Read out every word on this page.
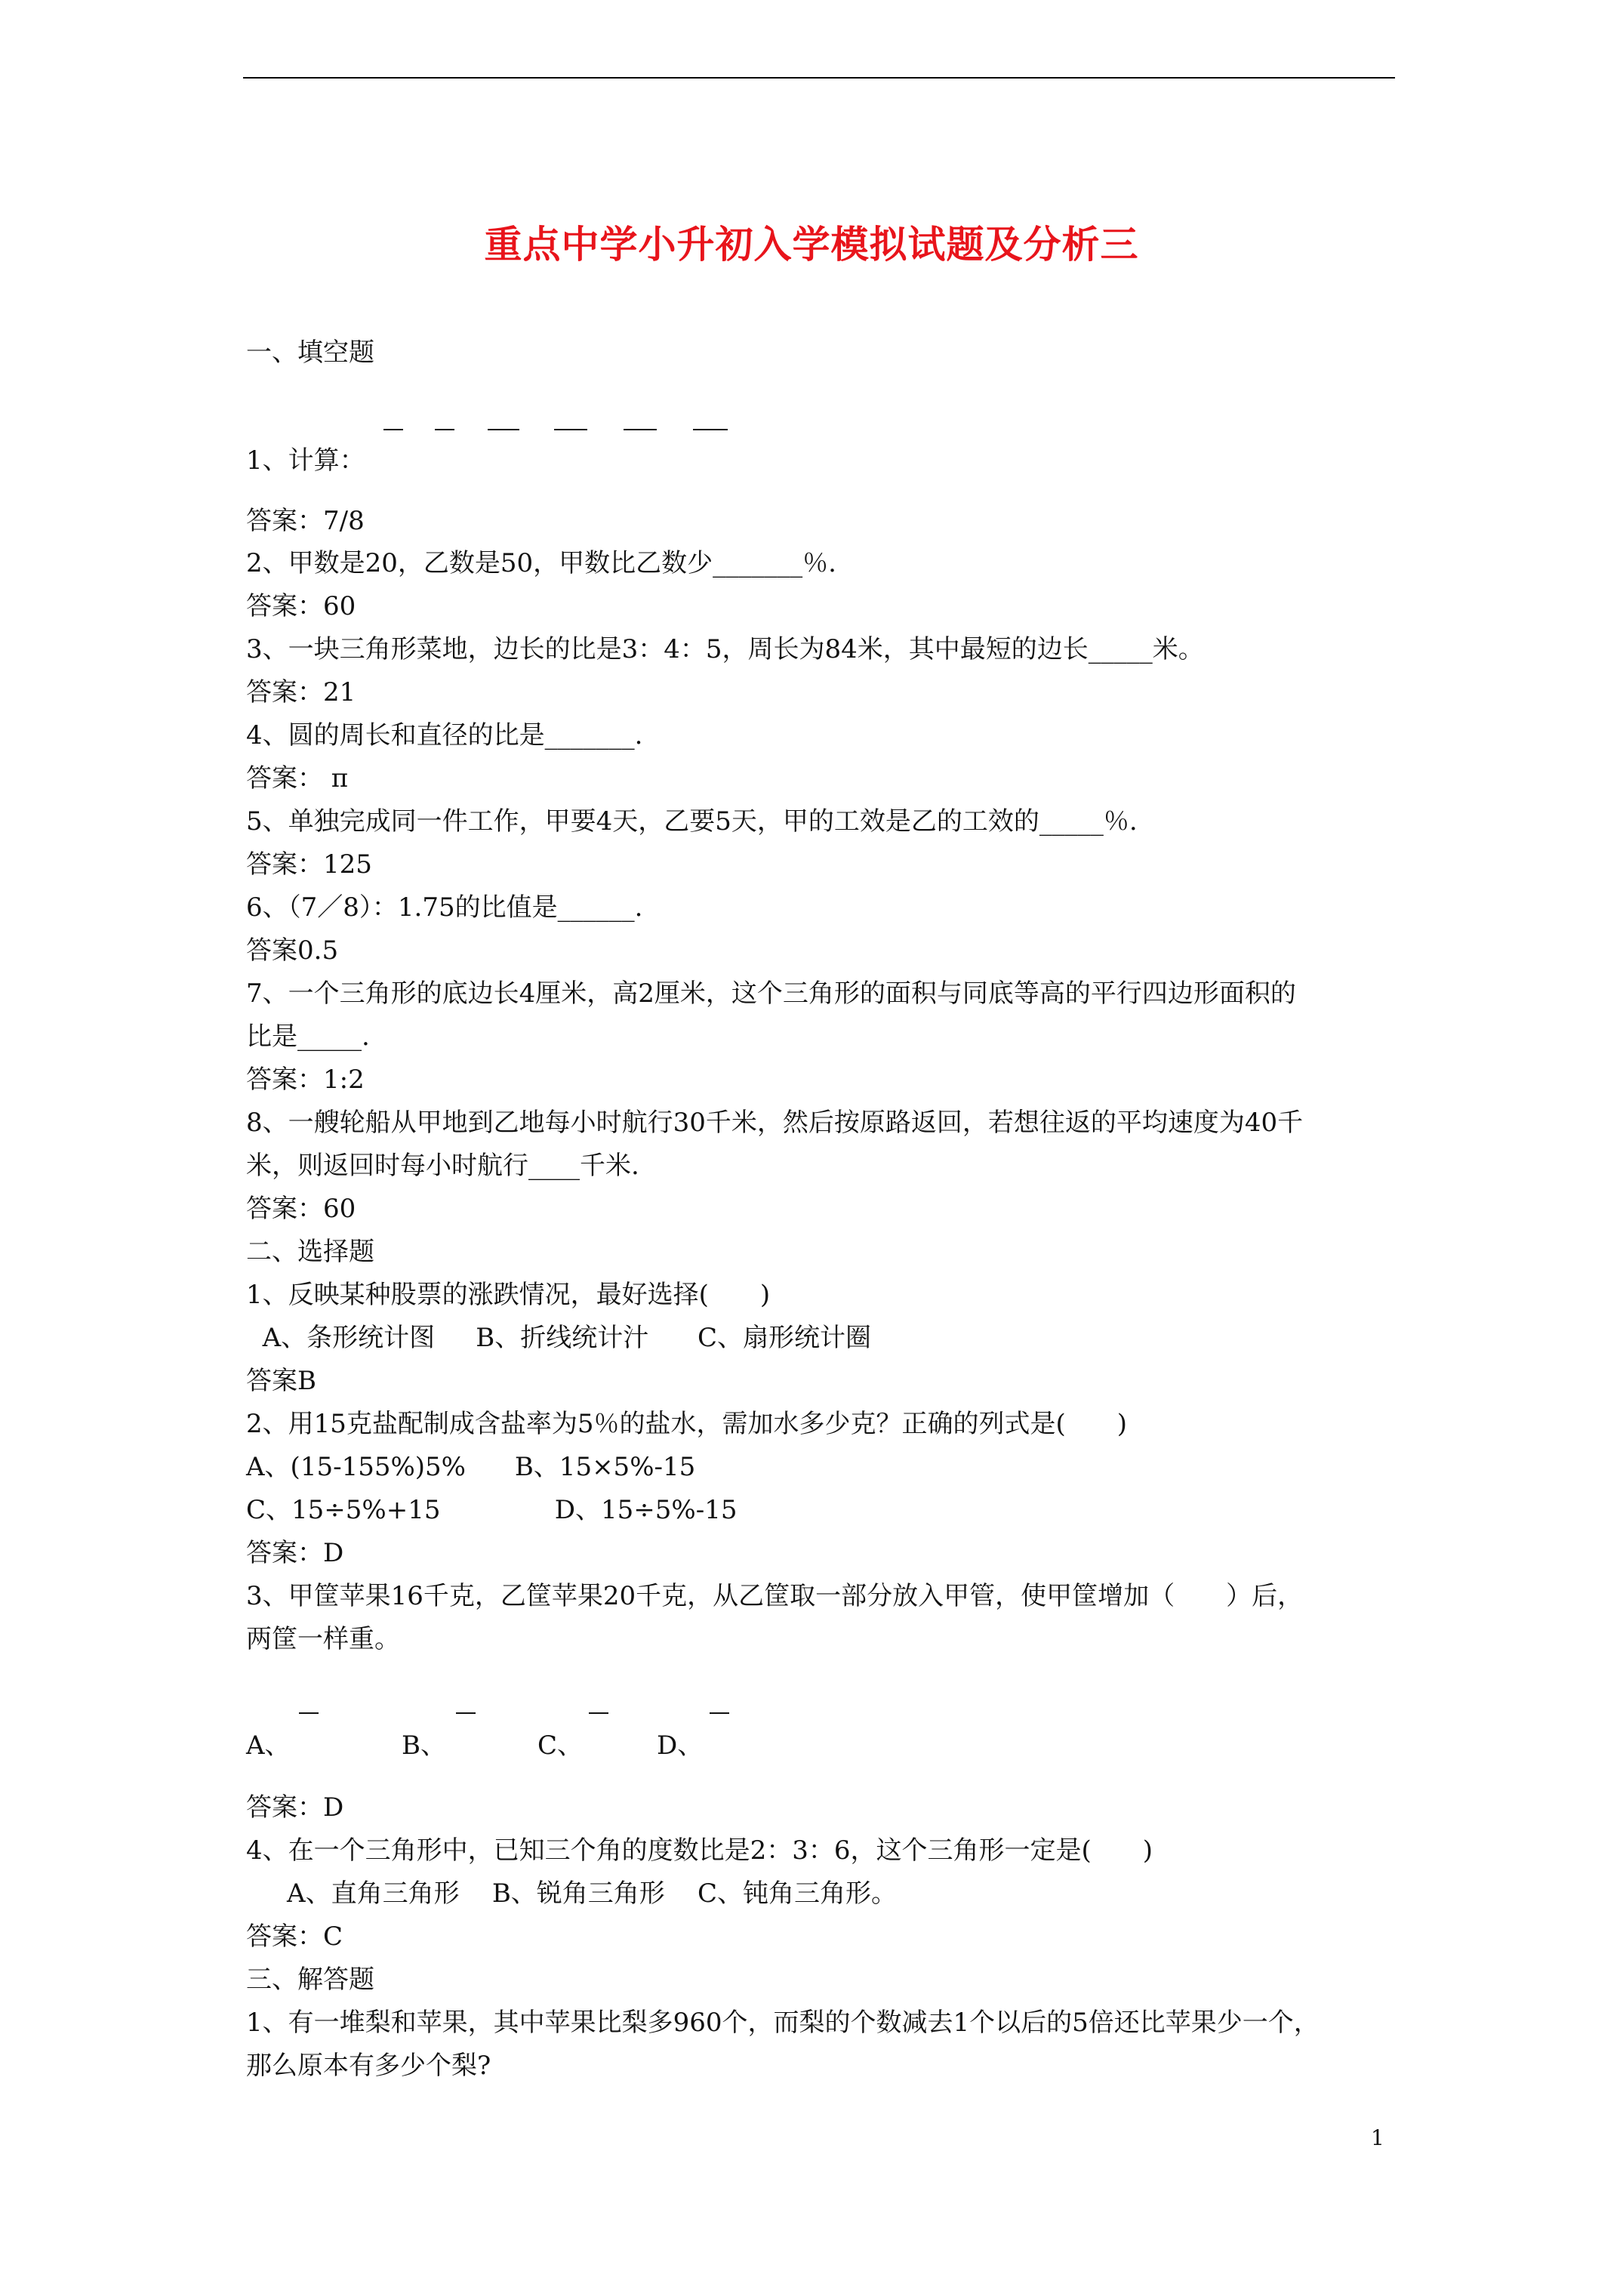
重点中学小升初入学模拟试题及分析三
一、填空题
1、计算：
答案：7/8
2、甲数是20，乙数是50，甲数比乙数少_______％.
答案：60
3、一块三角形菜地，边长的比是3：4：5，周长为84米，其中最短的边长_____米。
答案：21
4、圆的周长和直径的比是_______.
答案： π
5、单独完成同一件工作，甲要4天，乙要5天，甲的工效是乙的工效的_____％.
答案：125
6、（7／8）：1.75的比值是______.
答案0.5
7、一个三角形的底边长4厘米，高2厘米，这个三角形的面积与同底等高的平行四边形面积的
比是_____.
答案：1:2
8、一艘轮船从甲地到乙地每小时航行30千米，然后按原路返回，若想往返的平均速度为40千
米，则返回时每小时航行____千米.
答案：60
二、选择题
1、反映某种股票的涨跌情况，最好选择(　　)
A、条形统计图     B、折线统计汁      C、扇形统计圈
答案B
2、用15克盐配制成含盐率为5％的盐水，需加水多少克？正确的列式是(　　)
A、(15-155%)5%      B、15×5%-15
C、15÷5%+15              D、15÷5%-15
答案：D
3、甲筐苹果16千克，乙筐苹果20千克，从乙筐取一部分放入甲管，使甲筐增加（　　）后，
两筐一样重。
A、	B、	C、	D、
答案：D
4、在一个三角形中，已知三个角的度数比是2：3：6，这个三角形一定是(　　)
A、直角三角形    B、锐角三角形    C、钝角三角形。
答案：C
三、解答题
1、有一堆梨和苹果，其中苹果比梨多960个，而梨的个数减去1个以后的5倍还比苹果少一个，
那么原本有多少个梨?
1
